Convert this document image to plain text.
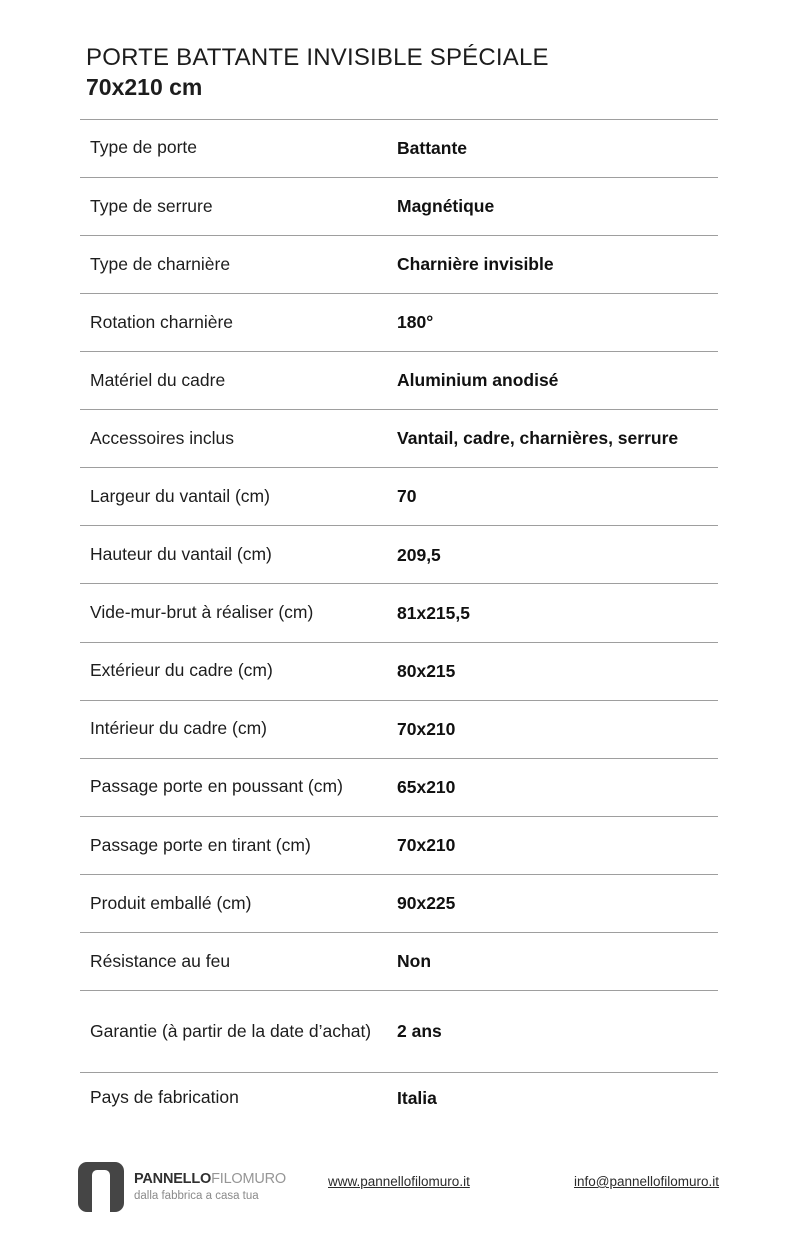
PORTE BATTANTE INVISIBLE SPÉCIALE
70x210 cm
Type de porte	Battante
Type de serrure	Magnétique
Type de charnière	Charnière invisible
Rotation charnière	180°
Matériel du cadre	Aluminium anodisé
Accessoires inclus	Vantail, cadre, charnières, serrure
Largeur du vantail (cm)	70
Hauteur du vantail (cm)	209,5
Vide-mur-brut à réaliser (cm)	81x215,5
Extérieur du cadre (cm)	80x215
Intérieur du cadre (cm)	70x210
Passage porte en poussant (cm)	65x210
Passage porte en tirant (cm)	70x210
Produit emballé (cm)	90x225
Résistance au feu	Non
Garantie (à partir de la date d’achat)	2 ans
Pays de fabrication	Italia
PANNELLOFILOMURO
dalla fabbrica a casa tua
www.pannellofilomuro.it	info@pannellofilomuro.it
